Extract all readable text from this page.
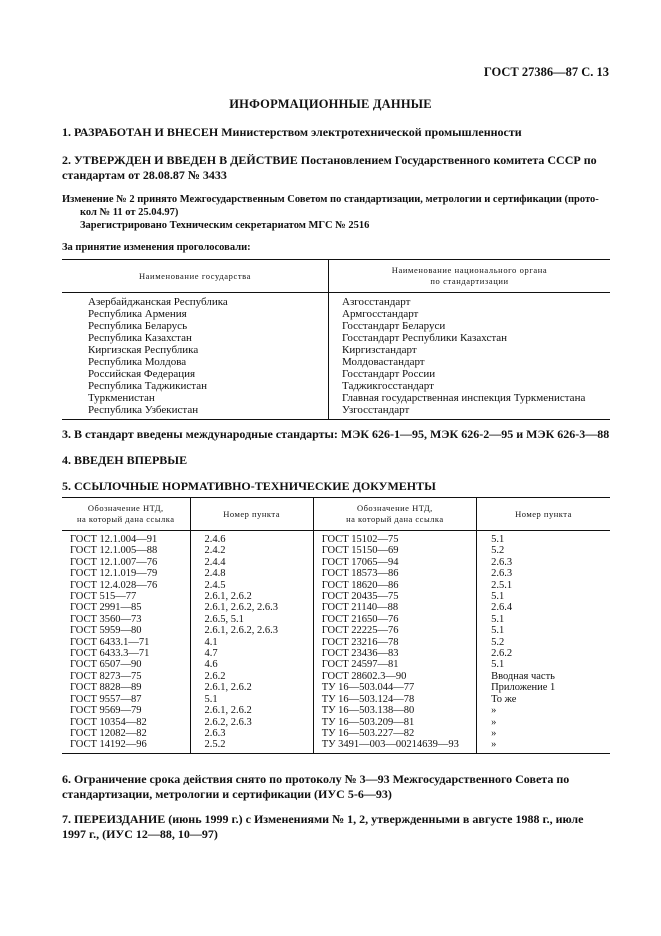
ГОСТ 27386—87 С. 13
ИНФОРМАЦИОННЫЕ ДАННЫЕ
1. РАЗРАБОТАН И ВНЕСЕН Министерством электротехнической промышленности
2. УТВЕРЖДЕН И ВВЕДЕН В ДЕЙСТВИЕ Постановлением Государственного комитета СССР по стандартам от 28.08.87 № 3433
Изменение № 2 принято Межгосударственным Советом по стандартизации, метрологии и сертификации (прото-
кол № 11 от 25.04.97)
Зарегистрировано Техническим секретариатом МГС № 2516
За принятие изменения проголосовали:
Наименование государства	Наименование национального органа
по стандартизации
Азербайджанская Республика	Азгосстандарт
Республика Армения	Армгосстандарт
Республика Беларусь	Госстандарт Беларуси
Республика Казахстан	Госстандарт Республики Казахстан
Киргизская Республика	Киргизстандарт
Республика Молдова	Молдовастандарт
Российская Федерация	Госстандарт России
Республика Таджикистан	Таджикгосстандарт
Туркменистан	Главная государственная инспекция Туркменистана
Республика Узбекистан	Узгосстандарт
3. В стандарт введены международные стандарты: МЭК 626-1—95, МЭК 626-2—95 и МЭК 626-3—88
4. ВВЕДЕН ВПЕРВЫЕ
5. ССЫЛОЧНЫЕ НОРМАТИВНО-ТЕХНИЧЕСКИЕ ДОКУМЕНТЫ
Обозначение НТД,
на который дана ссылка	Номер пункта	Обозначение НТД,
на который дана ссылка	Номер пункта
ГОСТ 12.1.004—91	2.4.6	ГОСТ 15102—75	5.1
ГОСТ 12.1.005—88	2.4.2	ГОСТ 15150—69	5.2
ГОСТ 12.1.007—76	2.4.4	ГОСТ 17065—94	2.6.3
ГОСТ 12.1.019—79	2.4.8	ГОСТ 18573—86	2.6.3
ГОСТ 12.4.028—76	2.4.5	ГОСТ 18620—86	2.5.1
ГОСТ 515—77	2.6.1, 2.6.2	ГОСТ 20435—75	5.1
ГОСТ 2991—85	2.6.1, 2.6.2, 2.6.3	ГОСТ 21140—88	2.6.4
ГОСТ 3560—73	2.6.5, 5.1	ГОСТ 21650—76	5.1
ГОСТ 5959—80	2.6.1, 2.6.2, 2.6.3	ГОСТ 22225—76	5.1
ГОСТ 6433.1—71	4.1	ГОСТ 23216—78	5.2
ГОСТ 6433.3—71	4.7	ГОСТ 23436—83	2.6.2
ГОСТ 6507—90	4.6	ГОСТ 24597—81	5.1
ГОСТ 8273—75	2.6.2	ГОСТ 28602.3—90	Вводная часть
ГОСТ 8828—89	2.6.1, 2.6.2	ТУ 16—503.044—77	Приложение 1
ГОСТ 9557—87	5.1	ТУ 16—503.124—78	То же
ГОСТ 9569—79	2.6.1, 2.6.2	ТУ 16—503.138—80	»
ГОСТ 10354—82	2.6.2, 2.6.3	ТУ 16—503.209—81	»
ГОСТ 12082—82	2.6.3	ТУ 16—503.227—82	»
ГОСТ 14192—96	2.5.2	ТУ 3491—003—00214639—93	»
6. Ограничение срока действия снято по протоколу № 3—93 Межгосударственного Совета по стандартизации, метрологии и сертификации (ИУС 5-6—93)
7. ПЕРЕИЗДАНИЕ (июнь 1999 г.) с Изменениями № 1, 2, утвержденными в августе 1988 г., июле 1997 г., (ИУС 12—88, 10—97)
